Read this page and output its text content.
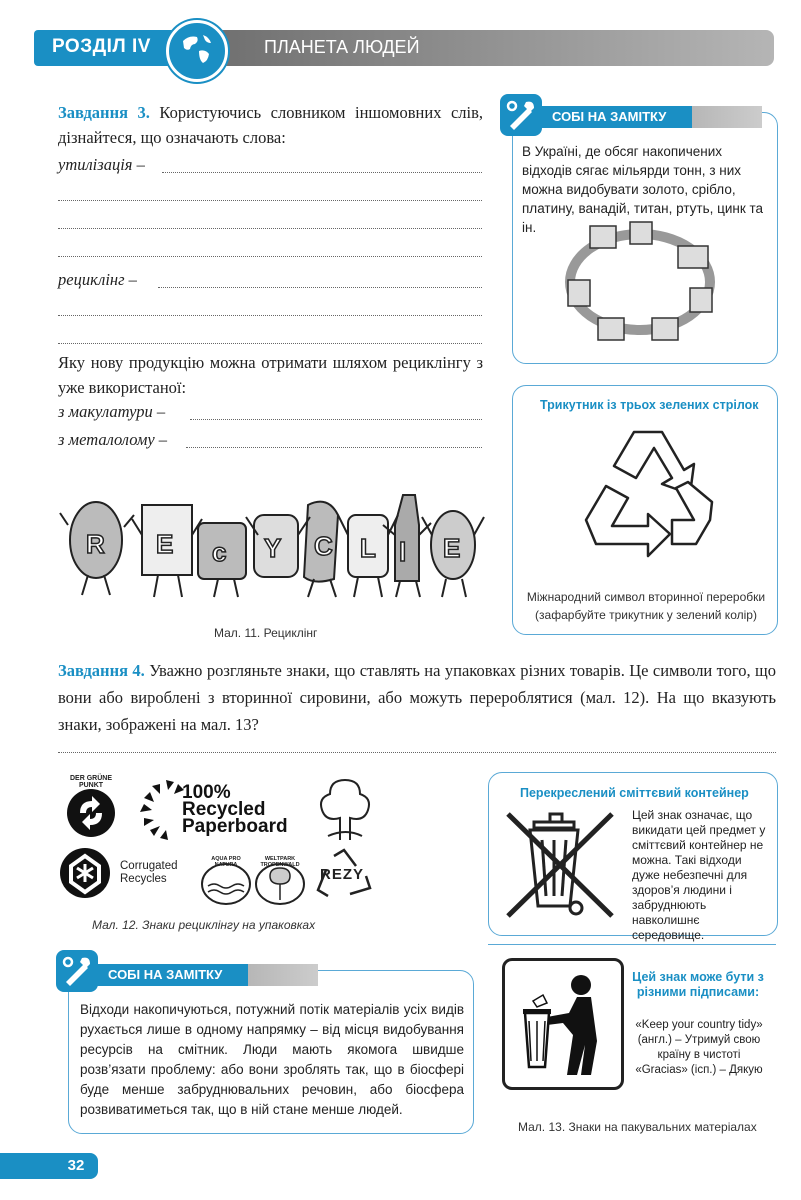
РОЗДІЛ IV	ПЛАНЕТА ЛЮДЕЙ
Завдання 3. Користуючись словником іншомовних слів, дізнайтеся, що означають слова:
утилізація –
рециклінг –
Яку нову продукцію можна отримати шляхом рециклінгу з уже використаної:
з макулатури –
з металолому –
R E c Y C L l E
Мал. 11. Рециклінг
СОБІ НА ЗАМІТКУ
В Україні, де обсяг накопичених відходів сягає мільярди тонн, з них можна видобувати золото, срібло, платину, ванадій, титан, ртуть, цинк та ін.
Трикутник із трьох зелених стрілок
Міжнародний символ вторинної переробки (зафарбуйте трикутник у зелений колір)
Завдання 4. Уважно розгляньте знаки, що ставлять на упаковках різних товарів. Це символи того, що вони або вироблені з вторинної сировини, або можуть перероблятися (мал. 12). На що вказують знаки, зображені на мал. 13?
DER GRÜNE PUNKT	100%
Recycled
Paperboard
Corrugated Recycles
AQUA PRO NATURA
WELTPARK TROPENWALD
REZY
Мал. 12. Знаки рециклінгу на упаковках
Перекреслений сміттєвий контейнер
Цей знак означає, що викидати цей предмет у сміттєвий контейнер не можна. Такі відходи дуже небезпечні для здоров’я людини і забруднюють навколишнє середовище.
Цей знак може бути з різними підписами:
«Keep your country tidy» (англ.) – Утримуй свою країну в чистоті «Gracias» (ісп.) – Дякую
Мал. 13. Знаки на пакувальних матеріалах
СОБІ НА ЗАМІТКУ
Відходи накопичуються, потужний потік матеріалів усіх видів рухається лише в одному напрямку – від місця видобування ресурсів на смітник. Люди мають якомога швидше розв’язати проблему: або вони зроблять так, що в біосфері буде менше забруднювальних речовин, або біосфера розвиватиметься так, що в ній стане менше людей.
32
